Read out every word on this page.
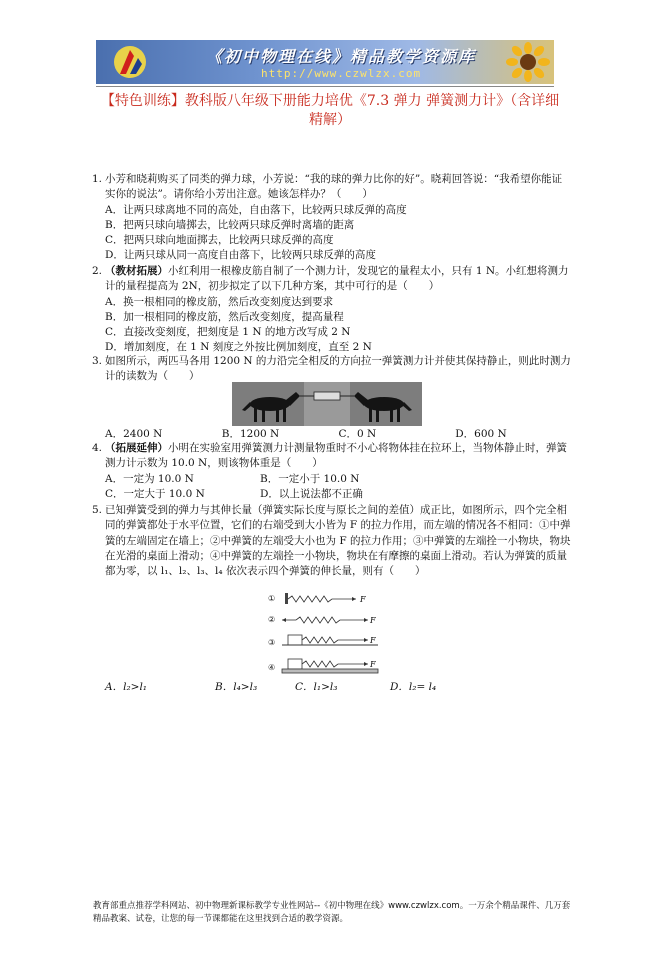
《初中物理在线》精品教学资源库
http://www.czwlzx.com
【特色训练】教科版八年级下册能力培优《7.3 弹力 弹簧测力计》（含详细精解）
1. 小芳和晓莉购买了同类的弹力球，小芳说：“我的球的弹力比你的好”。晓莉回答说：“我希望你能证实你的说法”。请你给小芳出注意。她该怎样办？（　　）
A．让两只球离地不同的高处，自由落下，比较两只球反弹的高度
B．把两只球向墙掷去，比较两只球反弹时离墙的距离
C．把两只球向地面掷去，比较两只球反弹的高度
D．让两只球从同一高度自由落下，比较两只球反弹的高度
2. （教材拓展）小红利用一根橡皮筋自制了一个测力计，发现它的量程太小，只有 1 N。小红想将测力计的量程提高为 2N，初步拟定了以下几种方案，其中可行的是（　　）
A．换一根相同的橡皮筋，然后改变刻度达到要求
B．加一根相同的橡皮筋，然后改变刻度，提高量程
C．直接改变刻度，把刻度是 1 N 的地方改写成 2 N
D．增加刻度，在 1 N 刻度之外按比例加刻度，直至 2 N
3. 如图所示，两匹马各用 1200 N 的力沿完全相反的方向拉一弹簧测力计并使其保持静止，则此时测力计的读数为（　　）
A．2400 N	B．1200 N	C．0 N	D．600 N
4. （拓展延伸）小明在实验室用弹簧测力计测量物重时不小心将物体挂在拉环上，当物体静止时，弹簧测力计示数为 10.0 N，则该物体重是（　　）
A．一定为 10.0 N	B．一定小于 10.0 N
C．一定大于 10.0 N	D．以上说法都不正确
5. 已知弹簧受到的弹力与其伸长量（弹簧实际长度与原长之间的差值）成正比，如图所示，四个完全相同的弹簧都处于水平位置，它们的右端受到大小皆为 F 的拉力作用，而左端的情况各不相同：①中弹簧的左端固定在墙上；②中弹簧的左端受大小也为 F 的拉力作用；③中弹簧的左端拴一小物块，物块在光滑的桌面上滑动；④中弹簧的左端拴一小物块，物块在有摩擦的桌面上滑动。若认为弹簧的质量都为零，以 l₁、l₂、l₃、l₄ 依次表示四个弹簧的伸长量，则有（　　）
①
②
③
④
F
F
F
F
A．l₂>l₁	B．l₄>l₃	C．l₁>l₃	D．l₂= l₄
教育部重点推荐学科网站、初中物理新课标教学专业性网站--《初中物理在线》www.czwlzx.com。一万余个精品课件、几万套精品教案、试卷，让您的每一节课都能在这里找到合适的教学资源。
